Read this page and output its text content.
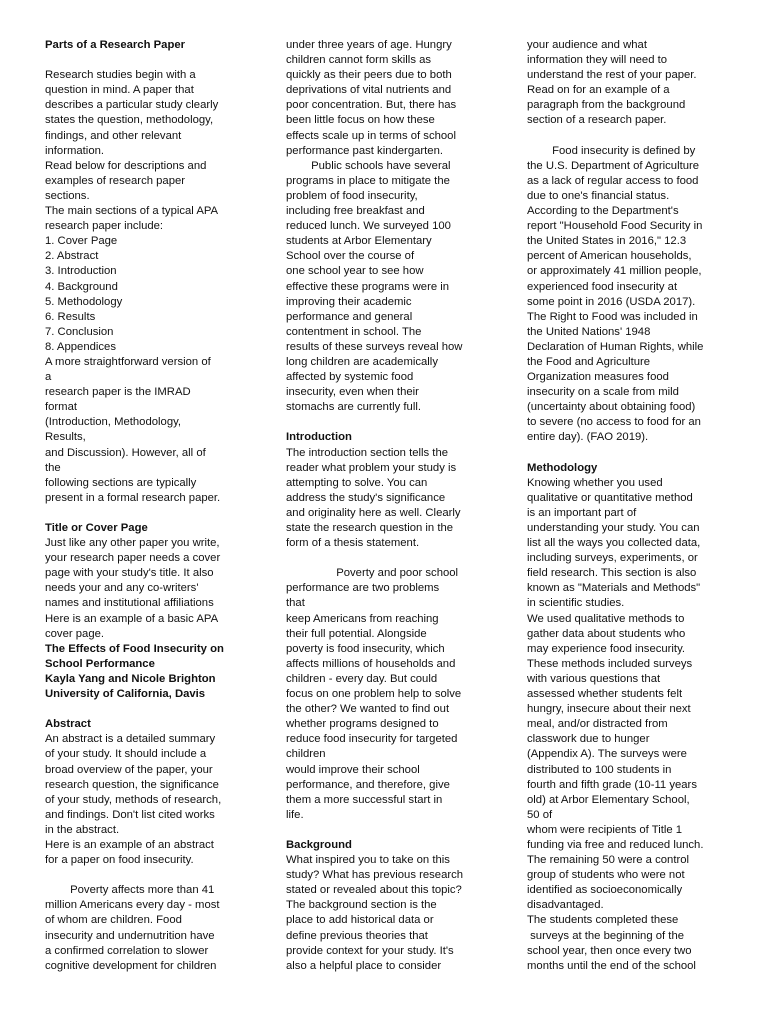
Parts of a Research Paper
Research studies begin with a
question in mind. A paper that
describes a particular study clearly
states the question, methodology,
findings, and other relevant
information.
Read below for descriptions and
examples of research paper
sections.
The main sections of a typical APA
research paper include:
1. Cover Page
2. Abstract
3. Introduction
4. Background
5. Methodology
6. Results
7. Conclusion
8. Appendices
A more straightforward version of
a
research paper is the IMRAD
format
(Introduction, Methodology,
Results,
and Discussion). However, all of
the
following sections are typically
present in a formal research paper.
Title or Cover Page
Just like any other paper you write,
your research paper needs a cover
page with your study's title. It also
needs your and any co-writers'
names and institutional affiliations
Here is an example of a basic APA
cover page.
The Effects of Food Insecurity on
School Performance
Kayla Yang and Nicole Brighton
University of California, Davis
Abstract
An abstract is a detailed summary
of your study. It should include a
broad overview of the paper, your
research question, the significance
of your study, methods of research,
and findings. Don't list cited works
in the abstract.
Here is an example of an abstract
for a paper on food insecurity.
Poverty affects more than 41
million Americans every day - most
of whom are children. Food
insecurity and undernutrition have
a confirmed correlation to slower
cognitive development for children
under three years of age. Hungry
children cannot form skills as
quickly as their peers due to both
deprivations of vital nutrients and
poor concentration. But, there has
been little focus on how these
effects scale up in terms of school
performance past kindergarten.
Public schools have several
programs in place to mitigate the
problem of food insecurity,
including free breakfast and
reduced lunch. We surveyed 100
students at Arbor Elementary
School over the course of
one school year to see how
effective these programs were in
improving their academic
performance and general
contentment in school. The
results of these surveys reveal how
long children are academically
affected by systemic food
insecurity, even when their
stomachs are currently full.
Introduction
The introduction section tells the
reader what problem your study is
attempting to solve. You can
address the study's significance
and originality here as well. Clearly
state the research question in the
form of a thesis statement.
Poverty and poor school
performance are two problems
that
keep Americans from reaching
their full potential. Alongside
poverty is food insecurity, which
affects millions of households and
children - every day. But could
focus on one problem help to solve
the other? We wanted to find out
whether programs designed to
reduce food insecurity for targeted
children
would improve their school
performance, and therefore, give
them a more successful start in
life.
Background
What inspired you to take on this
study? What has previous research
stated or revealed about this topic?
The background section is the
place to add historical data or
define previous theories that
provide context for your study. It's
also a helpful place to consider
your audience and what
information they will need to
understand the rest of your paper.
Read on for an example of a
paragraph from the background
section of a research paper.
Food insecurity is defined by
the U.S. Department of Agriculture
as a lack of regular access to food
due to one's financial status.
According to the Department's
report "Household Food Security in
the United States in 2016," 12.3
percent of American households,
or approximately 41 million people,
experienced food insecurity at
some point in 2016 (USDA 2017).
The Right to Food was included in
the United Nations' 1948
Declaration of Human Rights, while
the Food and Agriculture
Organization measures food
insecurity on a scale from mild
(uncertainty about obtaining food)
to severe (no access to food for an
entire day). (FAO 2019).
Methodology
Knowing whether you used
qualitative or quantitative method
is an important part of
understanding your study. You can
list all the ways you collected data,
including surveys, experiments, or
field research. This section is also
known as "Materials and Methods"
in scientific studies.
We used qualitative methods to
gather data about students who
may experience food insecurity.
These methods included surveys
with various questions that
assessed whether students felt
hungry, insecure about their next
meal, and/or distracted from
classwork due to hunger
(Appendix A). The surveys were
distributed to 100 students in
fourth and fifth grade (10-11 years
old) at Arbor Elementary School,
50 of
whom were recipients of Title 1
funding via free and reduced lunch.
The remaining 50 were a control
group of students who were not
identified as socioeconomically
disadvantaged.
The students completed these
surveys at the beginning of the
school year, then once every two
months until the end of the school
